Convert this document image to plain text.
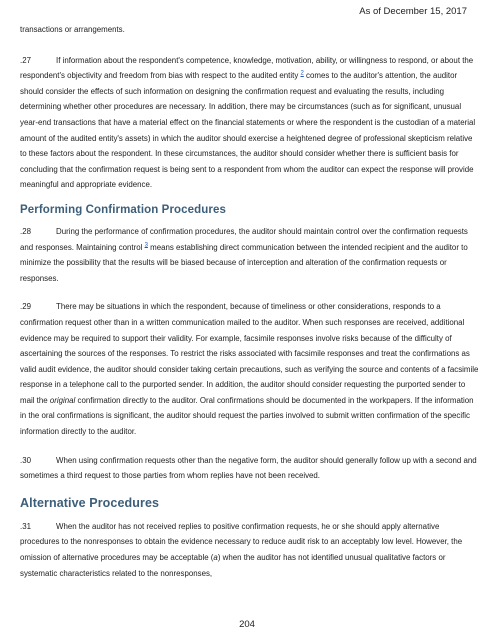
As of December 15, 2017

transactions or arrangements.

.27	If information about the respondent's competence, knowledge, motivation, ability, or willingness to respond, or about the respondent's objectivity and freedom from bias with respect to the audited entity $^2$ comes to the auditor's attention, the auditor should consider the effects of such information on designing the confirmation request and evaluating the results, including determining whether other procedures are necessary. In addition, there may be circumstances (such as for significant, unusual year-end transactions that have a material effect on the financial statements or where the respondent is the custodian of a material amount of the audited entity's assets) in which the auditor should exercise a heightened degree of professional skepticism relative to these factors about the respondent. In these circumstances, the auditor should consider whether there is sufficient basis for concluding that the confirmation request is being sent to a respondent from whom the auditor can expect the response will provide meaningful and appropriate evidence.

Performing Confirmation Procedures

.28	During the performance of confirmation procedures, the auditor should maintain control over the confirmation requests and responses. Maintaining control $^3$ means establishing direct communication between the intended recipient and the auditor to minimize the possibility that the results will be biased because of interception and alteration of the confirmation requests or responses.

.29	There may be situations in which the respondent, because of timeliness or other considerations, responds to a confirmation request other than in a written communication mailed to the auditor. When such responses are received, additional evidence may be required to support their validity. For example, facsimile responses involve risks because of the difficulty of ascertaining the sources of the responses. To restrict the risks associated with facsimile responses and treat the confirmations as valid audit evidence, the auditor should consider taking certain precautions, such as verifying the source and contents of a facsimile response in a telephone call to the purported sender. In addition, the auditor should consider requesting the purported sender to mail the original confirmation directly to the auditor. Oral confirmations should be documented in the workpapers. If the information in the oral confirmations is significant, the auditor should request the parties involved to submit written confirmation of the specific information directly to the auditor.

.30	When using confirmation requests other than the negative form, the auditor should generally follow up with a second and sometimes a third request to those parties from whom replies have not been received.

Alternative Procedures

.31	When the auditor has not received replies to positive confirmation requests, he or she should apply alternative procedures to the nonresponses to obtain the evidence necessary to reduce audit risk to an acceptably low level. However, the omission of alternative procedures may be acceptable (a) when the auditor has not identified unusual qualitative factors or systematic characteristics related to the nonresponses,

204
